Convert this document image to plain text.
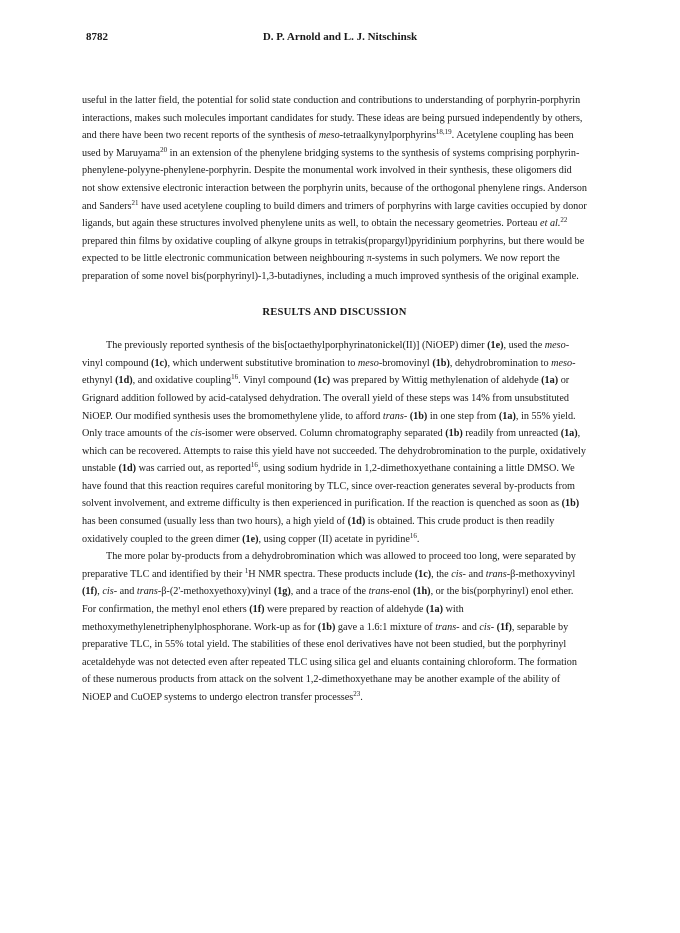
8782	D. P. Arnold and L. J. Nitschinsk

useful in the latter field, the potential for solid state conduction and contributions to understanding of porphyrin-porphyrin interactions, makes such molecules important candidates for study. These ideas are being pursued independently by others, and there have been two recent reports of the synthesis of meso-tetraalkynylporphyrins$^{18,19}$. Acetylene coupling has been used by Maruyama$^{20}$ in an extension of the phenylene bridging systems to the synthesis of systems comprising porphyrin-phenylene-polyyne-phenylene-porphyrin. Despite the monumental work involved in their synthesis, these oligomers did not show extensive electronic interaction between the porphyrin units, because of the orthogonal phenylene rings. Anderson and Sanders$^{21}$ have used acetylene coupling to build dimers and trimers of porphyrins with large cavities occupied by donor ligands, but again these structures involved phenylene units as well, to obtain the necessary geometries. Porteau et al.$^{22}$ prepared thin films by oxidative coupling of alkyne groups in tetrakis(propargyl)pyridinium porphyrins, but there would be expected to be little electronic communication between neighbouring π-systems in such polymers. We now report the preparation of some novel bis(porphyrinyl)-1,3-butadiynes, including a much improved synthesis of the original example.

RESULTS AND DISCUSSION

The previously reported synthesis of the bis[octaethylporphyrinatonickel(II)] (NiOEP) dimer (1e), used the meso-vinyl compound (1c), which underwent substitutive bromination to meso-bromovinyl (1b), dehydrobromination to meso-ethynyl (1d), and oxidative coupling$^{16}$. Vinyl compound (1c) was prepared by Wittig methylenation of aldehyde (1a) or Grignard addition followed by acid-catalysed dehydration. The overall yield of these steps was 14% from unsubstituted NiOEP. Our modified synthesis uses the bromomethylene ylide, to afford trans- (1b) in one step from (1a), in 55% yield. Only trace amounts of the cis-isomer were observed. Column chromatography separated (1b) readily from unreacted (1a), which can be recovered. Attempts to raise this yield have not succeeded. The dehydrobromination to the purple, oxidatively unstable (1d) was carried out, as reported$^{16}$, using sodium hydride in 1,2-dimethoxyethane containing a little DMSO. We have found that this reaction requires careful monitoring by TLC, since over-reaction generates several by-products from solvent involvement, and extreme difficulty is then experienced in purification. If the reaction is quenched as soon as (1b) has been consumed (usually less than two hours), a high yield of (1d) is obtained. This crude product is then readily oxidatively coupled to the green dimer (1e), using copper (II) acetate in pyridine$^{16}$.

The more polar by-products from a dehydrobromination which was allowed to proceed too long, were separated by preparative TLC and identified by their $^1$H NMR spectra. These products include (1c), the cis- and trans-β-methoxyvinyl (1f), cis- and trans-β-(2'-methoxyethoxy)vinyl (1g), and a trace of the trans-enol (1h), or the bis(porphyrinyl) enol ether. For confirmation, the methyl enol ethers (1f) were prepared by reaction of aldehyde (1a) with methoxymethylenetriphenylphosphorane. Work-up as for (1b) gave a 1.6:1 mixture of trans- and cis- (1f), separable by preparative TLC, in 55% total yield. The stabilities of these enol derivatives have not been studied, but the porphyrinyl acetaldehyde was not detected even after repeated TLC using silica gel and eluants containing chloroform. The formation of these numerous products from attack on the solvent 1,2-dimethoxyethane may be another example of the ability of NiOEP and CuOEP systems to undergo electron transfer processes$^{23}$.
